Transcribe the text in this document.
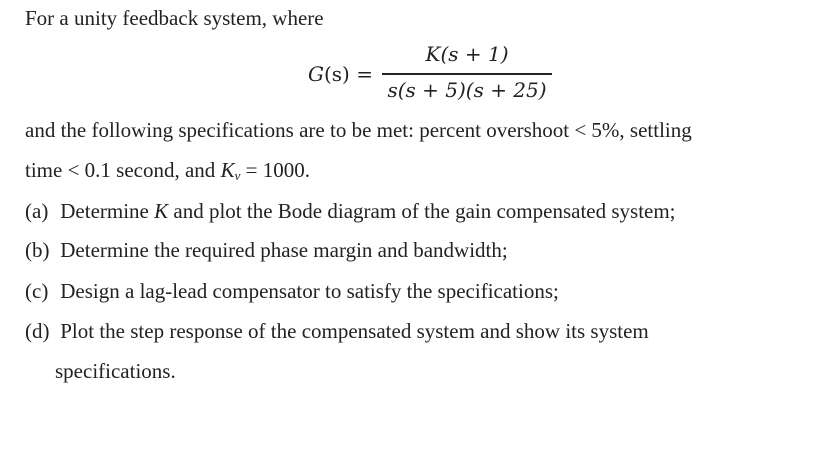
For a unity feedback system, where
G(s) =
K(s + 1)
s(s + 5)(s + 25)
and the following specifications are to be met: percent overshoot < 5%, settling
time < 0.1 second, and $K_v = 1000$.
(a) Determine K and plot the Bode diagram of the gain compensated system;
(b) Determine the required phase margin and bandwidth;
(c) Design a lag-lead compensator to satisfy the specifications;
(d) Plot the step response of the compensated system and show its system
specifications.
